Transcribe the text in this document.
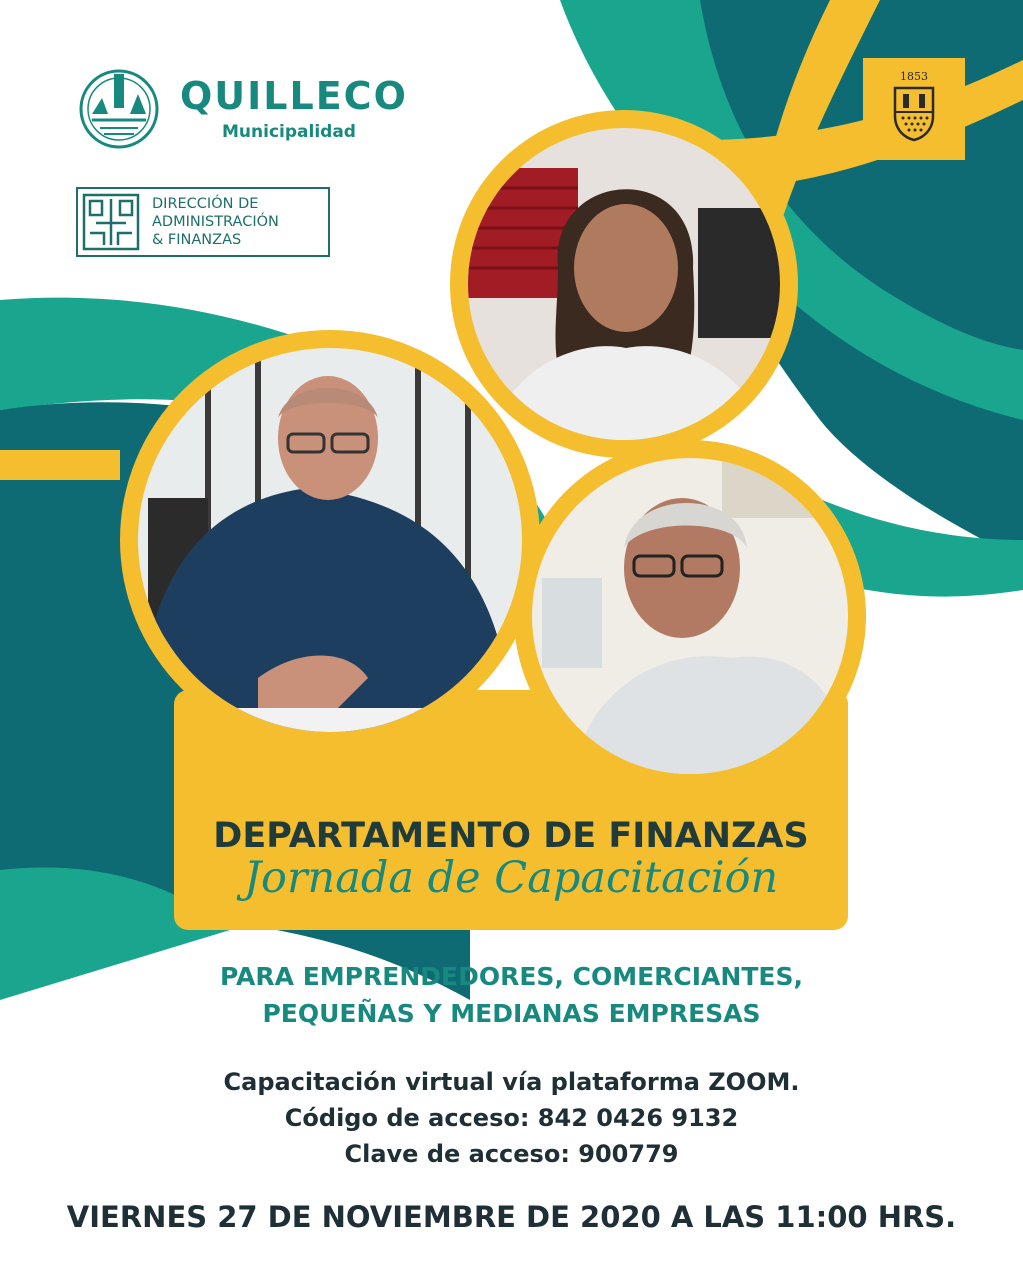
QUILLECO
Municipalidad
DIRECCIÓN DE
ADMINISTRACIÓN
& FINANZAS
1853
DEPARTAMENTO DE FINANZAS
Jornada de Capacitación
PARA EMPRENDEDORES, COMERCIANTES,
PEQUEÑAS Y MEDIANAS EMPRESAS
Capacitación virtual vía plataforma ZOOM.
Código de acceso: 842 0426 9132
Clave de acceso: 900779
VIERNES 27 DE NOVIEMBRE DE 2020 A LAS 11:00 HRS.
